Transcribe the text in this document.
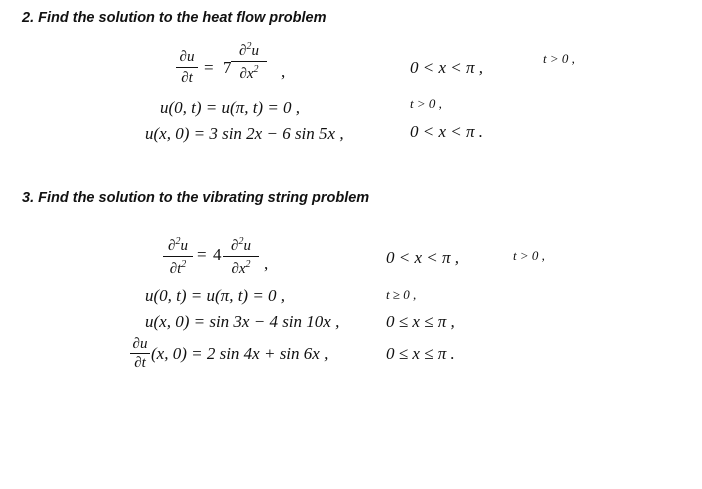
2. Find the solution to the heat flow problem
∂u
∂t
= 7
∂$^2$u
$\partial x^2$	,	0 < x < π ,	t > 0 ,
u(0, t) = u(π, t) = 0 ,	t > 0 ,
u(x, 0) = 3 sin 2x − 6 sin 5x ,	0 < x < π .
3. Find the solution to the vibrating string problem
∂$^2$u
$\partial t^2$
= 4 ∂$^2$u
$\partial x^2$ ,	0 < x < π ,	t > 0 ,
u(0, t) = u(π, t) = 0 ,	t ≥ 0 ,
u(x, 0) = sin 3x − 4 sin 10x ,	0 ≤ x ≤ π ,
∂u
∂t (x, 0) = 2 sin 4x + sin 6x ,	0 ≤ x ≤ π .
